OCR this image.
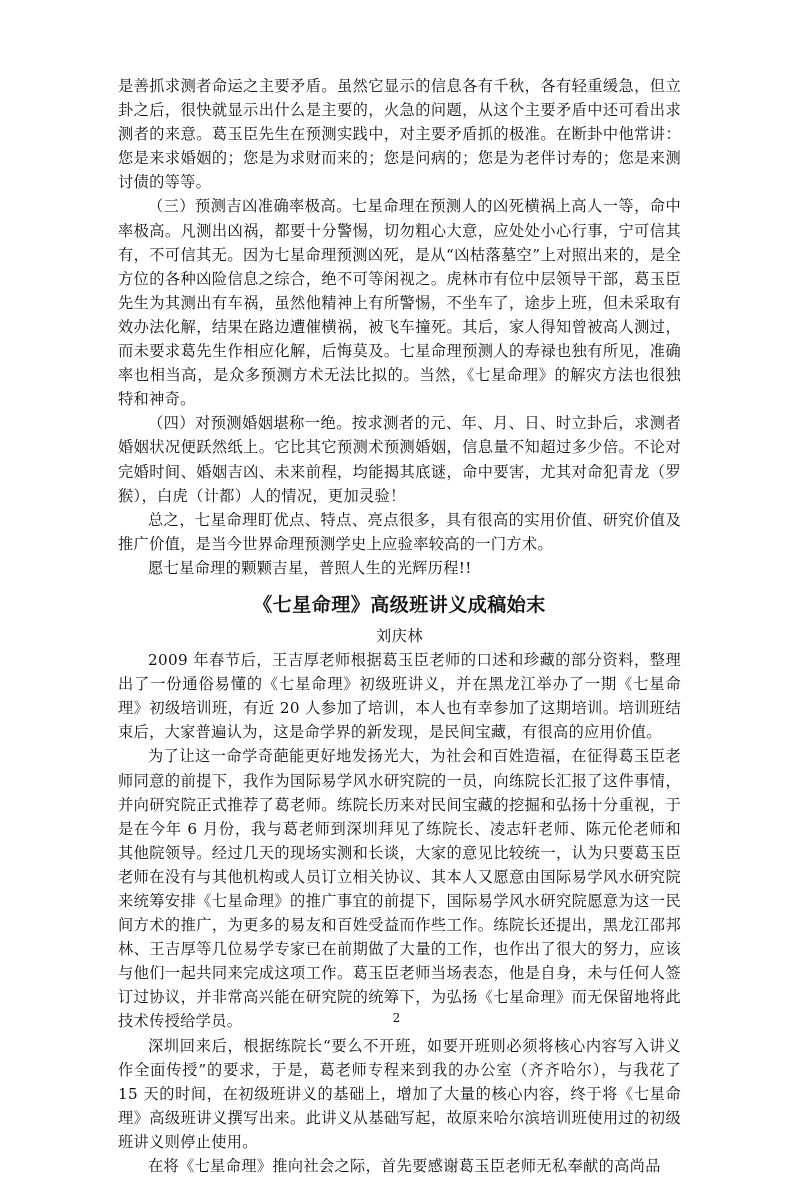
是善抓求测者命运之主要矛盾。虽然它显示的信息各有千秋，各有轻重缓急，但立卦之后，很快就显示出什么是主要的，火急的问题，从这个主要矛盾中还可看出求测者的来意。葛玉臣先生在预测实践中，对主要矛盾抓的极准。在断卦中他常讲：您是来求婚姻的；您是为求财而来的；您是问病的；您是为老伴讨寿的；您是来测讨债的等等。

（三）预测吉凶准确率极高。七星命理在预测人的凶死横祸上高人一等，命中率极高。凡测出凶祸，都要十分警惕，切勿粗心大意，应处处小心行事，宁可信其有，不可信其无。因为七星命理预测凶死，是从“凶枯落墓空”上对照出来的，是全方位的各种凶险信息之综合，绝不可等闲视之。虎林市有位中层领导干部，葛玉臣先生为其测出有车祸，虽然他精神上有所警惕，不坐车了，途步上班，但未采取有效办法化解，结果在路边遭催横祸，被飞车撞死。其后，家人得知曾被高人测过，而未要求葛先生作相应化解，后悔莫及。七星命理预测人的寿禄也独有所见，准确率也相当高，是众多预测方术无法比拟的。当然，《七星命理》的解灾方法也很独特和神奇。

（四）对预测婚姻堪称一绝。按求测者的元、年、月、日、时立卦后，求测者婚姻状况便跃然纸上。它比其它预测术预测婚姻，信息量不知超过多少倍。不论对完婚时间、婚姻吉凶、未来前程，均能揭其底谜，命中要害，尤其对命犯青龙（罗猴），白虎（计都）人的情况，更加灵验！

总之，七星命理盯优点、特点、亮点很多，具有很高的实用价值、研究价值及推广价值，是当今世界命理预测学史上应验率较高的一门方术。

愿七星命理的颗颗吉星，普照人生的光辉历程!!

《七星命理》高级班讲义成稿始末

刘庆林

2009 年春节后，王吉厚老师根据葛玉臣老师的口述和珍藏的部分资料，整理出了一份通俗易懂的《七星命理》初级班讲义，并在黑龙江举办了一期《七星命理》初级培训班，有近 20 人参加了培训，本人也有幸参加了这期培训。培训班结束后，大家普遍认为，这是命学界的新发现，是民间宝藏，有很高的应用价值。

为了让这一命学奇葩能更好地发扬光大，为社会和百姓造福，在征得葛玉臣老师同意的前提下，我作为国际易学风水研究院的一员，向练院长汇报了这件事情，并向研究院正式推荐了葛老师。练院长历来对民间宝藏的挖掘和弘扬十分重视，于是在今年 6 月份，我与葛老师到深圳拜见了练院长、凌志轩老师、陈元伦老师和其他院领导。经过几天的现场实测和长谈，大家的意见比较统一，认为只要葛玉臣老师在没有与其他机构或人员订立相关协议、其本人又愿意由国际易学风水研究院来统筹安排《七星命理》的推广事宜的前提下，国际易学风水研究院愿意为这一民间方术的推广，为更多的易友和百姓受益而作些工作。练院长还提出，黑龙江邵邦林、王吉厚等几位易学专家已在前期做了大量的工作，也作出了很大的努力，应该与他们一起共同来完成这项工作。葛玉臣老师当场表态，他是自身，未与任何人签订过协议，并非常高兴能在研究院的统筹下，为弘扬《七星命理》而无保留地将此技术传授给学员。

深圳回来后，根据练院长“要么不开班，如要开班则必须将核心内容写入讲义作全面传授”的要求，于是，葛老师专程来到我的办公室（齐齐哈尔），与我花了 15 天的时间，在初级班讲义的基础上，增加了大量的核心内容，终于将《七星命理》高级班讲义撰写出来。此讲义从基础写起，故原来哈尔滨培训班使用过的初级班讲义则停止使用。

在将《七星命理》推向社会之际，首先要感谢葛玉臣老师无私奉献的高尚品

2
